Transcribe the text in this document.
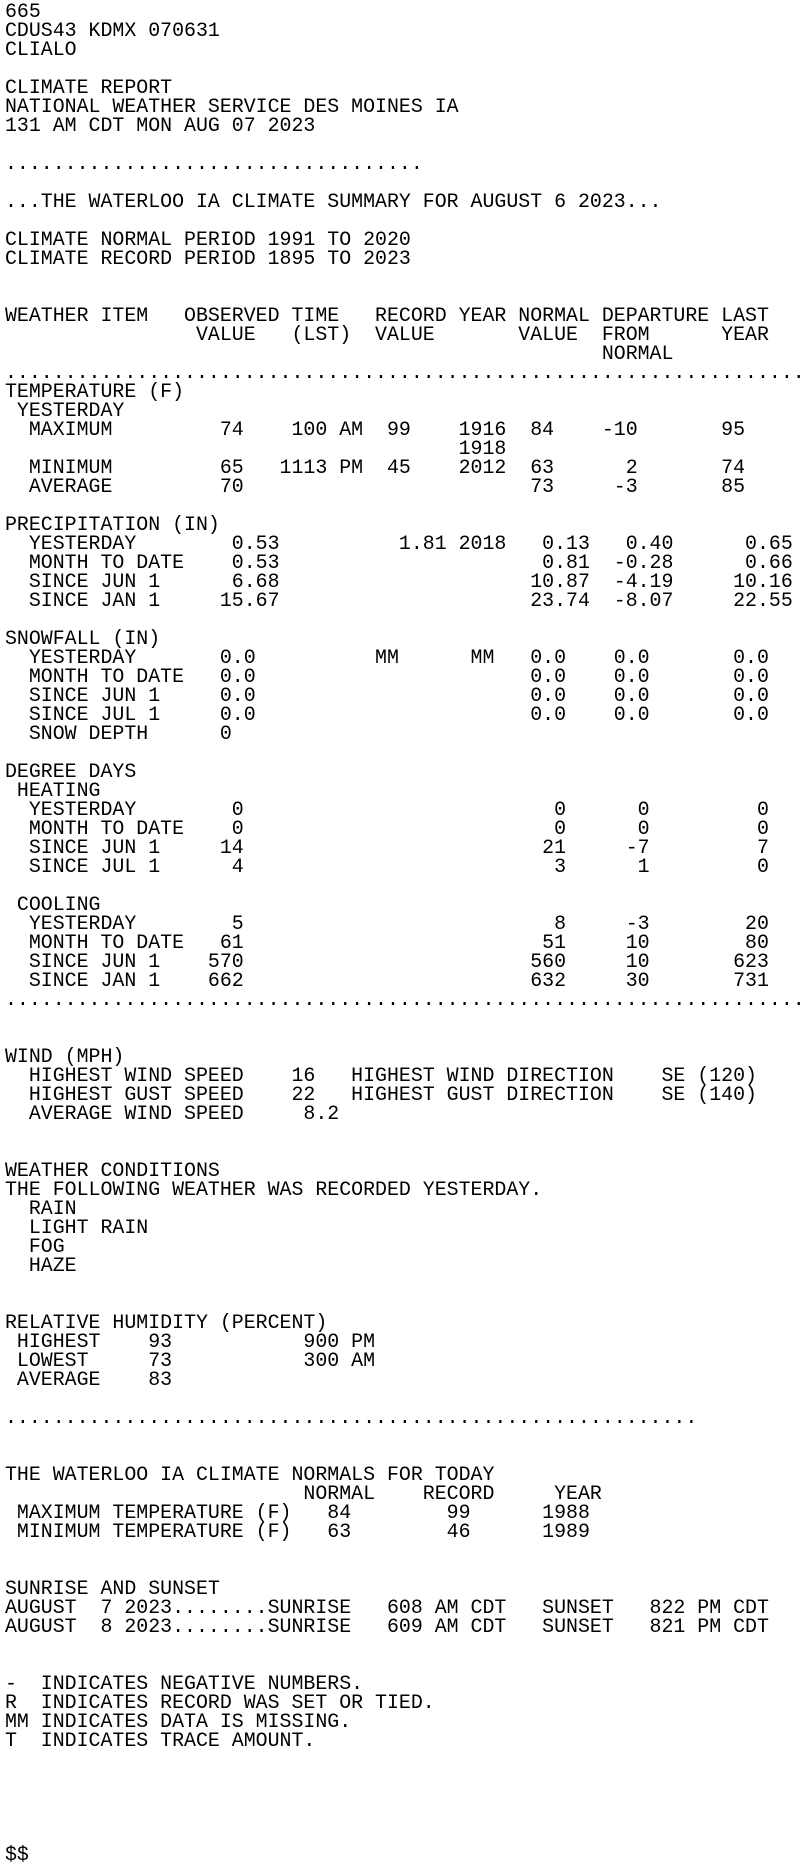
665
CDUS43 KDMX 070631
CLIALO
CLIMATE REPORT
NATIONAL WEATHER SERVICE DES MOINES IA
131 AM CDT MON AUG 07 2023
...................................
...THE WATERLOO IA CLIMATE SUMMARY FOR AUGUST 6 2023...
CLIMATE NORMAL PERIOD 1991 TO 2020
CLIMATE RECORD PERIOD 1895 TO 2023
WEATHER ITEM   OBSERVED TIME   RECORD YEAR NORMAL DEPARTURE LAST
VALUE   (LST)  VALUE       VALUE  FROM      YEAR
NORMAL
...................................................................
TEMPERATURE (F)
YESTERDAY
MAXIMUM         74    100 AM  99    1916  84    -10       95
1918
MINIMUM         65   1113 PM  45    2012  63      2       74
AVERAGE         70                        73     -3       85
PRECIPITATION (IN)
YESTERDAY        0.53          1.81 2018   0.13   0.40      0.65
MONTH TO DATE    0.53                      0.81  -0.28      0.66
SINCE JUN 1      6.68                     10.87  -4.19     10.16
SINCE JAN 1     15.67                     23.74  -8.07     22.55
SNOWFALL (IN)
YESTERDAY       0.0          MM      MM   0.0    0.0       0.0
MONTH TO DATE   0.0                       0.0    0.0       0.0
SINCE JUN 1     0.0                       0.0    0.0       0.0
SINCE JUL 1     0.0                       0.0    0.0       0.0
SNOW DEPTH      0
DEGREE DAYS
HEATING
YESTERDAY        0                          0      0         0
MONTH TO DATE    0                          0      0         0
SINCE JUN 1     14                         21     -7         7
SINCE JUL 1      4                          3      1         0
COOLING
YESTERDAY        5                          8     -3        20
MONTH TO DATE   61                         51     10        80
SINCE JUN 1    570                        560     10       623
SINCE JAN 1    662                        632     30       731
...................................................................
WIND (MPH)
HIGHEST WIND SPEED    16   HIGHEST WIND DIRECTION    SE (120)
HIGHEST GUST SPEED    22   HIGHEST GUST DIRECTION    SE (140)
AVERAGE WIND SPEED     8.2
WEATHER CONDITIONS
THE FOLLOWING WEATHER WAS RECORDED YESTERDAY.
RAIN
LIGHT RAIN
FOG
HAZE
RELATIVE HUMIDITY (PERCENT)
HIGHEST    93           900 PM
LOWEST     73           300 AM
AVERAGE    83
..........................................................
THE WATERLOO IA CLIMATE NORMALS FOR TODAY
NORMAL    RECORD     YEAR
MAXIMUM TEMPERATURE (F)   84        99      1988
MINIMUM TEMPERATURE (F)   63        46      1989
SUNRISE AND SUNSET
AUGUST  7 2023........SUNRISE   608 AM CDT   SUNSET   822 PM CDT
AUGUST  8 2023........SUNRISE   609 AM CDT   SUNSET   821 PM CDT
-  INDICATES NEGATIVE NUMBERS.
R  INDICATES RECORD WAS SET OR TIED.
MM INDICATES DATA IS MISSING.
T  INDICATES TRACE AMOUNT.
$$
